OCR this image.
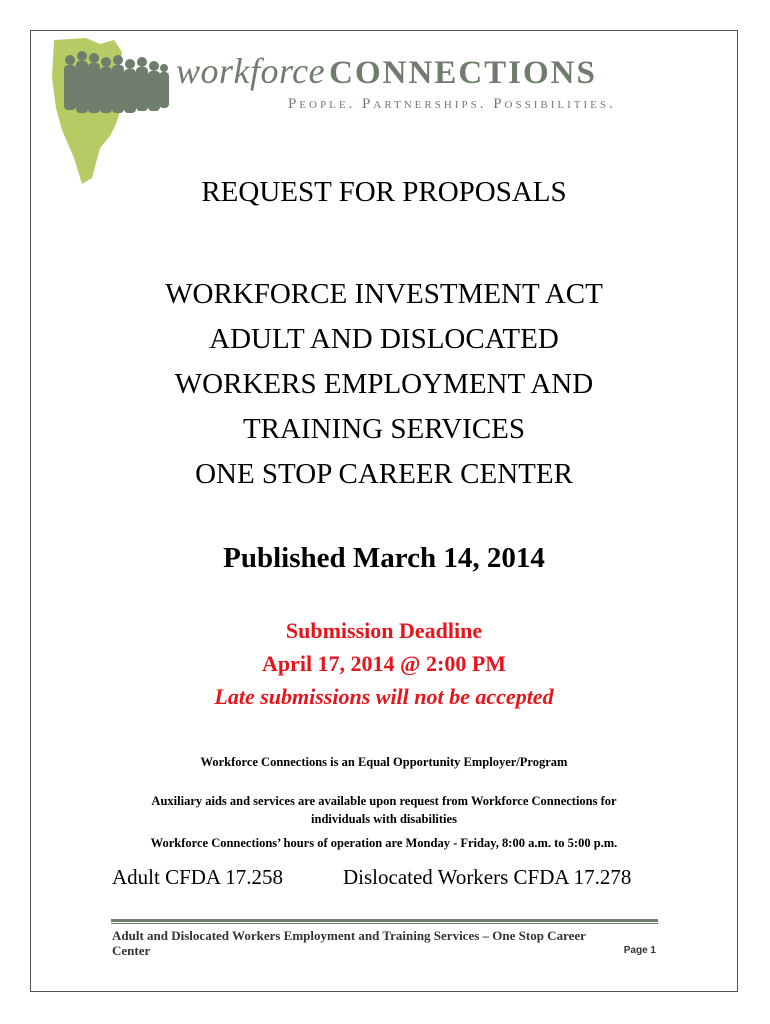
workforce CONNECTIONS
People. Partnerships. Possibilities.
REQUEST FOR PROPOSALS
WORKFORCE INVESTMENT ACT
ADULT AND DISLOCATED
WORKERS EMPLOYMENT AND
TRAINING SERVICES
ONE STOP CAREER CENTER
Published March 14, 2014
Submission Deadline
April 17, 2014 @ 2:00 PM
Late submissions will not be accepted
Workforce Connections is an Equal Opportunity Employer/Program
Auxiliary aids and services are available upon request from Workforce Connections for
individuals with disabilities
Workforce Connections’ hours of operation are Monday - Friday, 8:00 a.m. to 5:00 p.m.
Adult CFDA 17.258	Dislocated Workers CFDA 17.278
Adult and Dislocated Workers Employment and Training Services – One Stop Career
Center	Page 1
